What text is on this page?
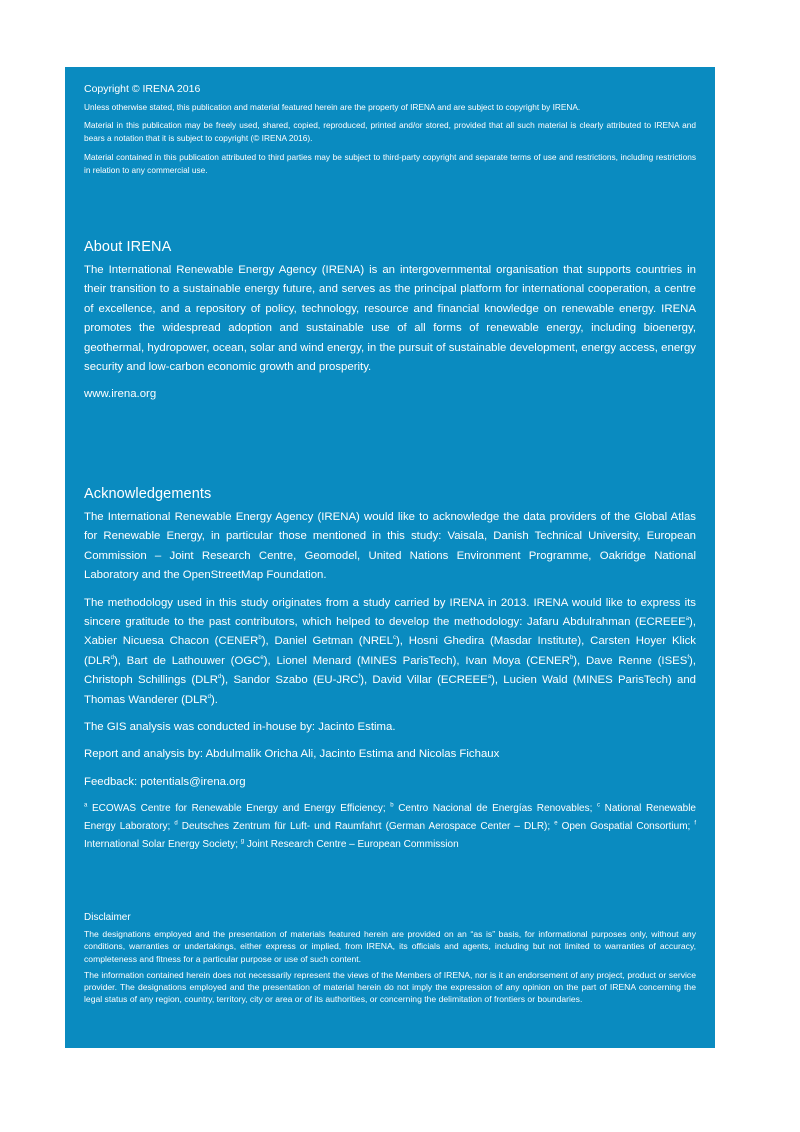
Copyright © IRENA 2016

Unless otherwise stated, this publication and material featured herein are the property of IRENA and are subject to copyright by IRENA.

Material in this publication may be freely used, shared, copied, reproduced, printed and/or stored, provided that all such material is clearly attributed to IRENA and bears a notation that it is subject to copyright (© IRENA 2016).

Material contained in this publication attributed to third parties may be subject to third-party copyright and separate terms of use and restrictions, including restrictions in relation to any commercial use.

About IRENA

The International Renewable Energy Agency (IRENA) is an intergovernmental organisation that supports countries in their transition to a sustainable energy future, and serves as the principal platform for international cooperation, a centre of excellence, and a repository of policy, technology, resource and financial knowledge on renewable energy. IRENA promotes the widespread adoption and sustainable use of all forms of renewable energy, including bioenergy, geothermal, hydropower, ocean, solar and wind energy, in the pursuit of sustainable development, energy access, energy security and low-carbon economic growth and prosperity.

www.irena.org

Acknowledgements

The International Renewable Energy Agency (IRENA) would like to acknowledge the data providers of the Global Atlas for Renewable Energy, in particular those mentioned in this study: Vaisala, Danish Technical University, European Commission – Joint Research Centre, Geomodel, United Nations Environment Programme, Oakridge National Laboratory and the OpenStreetMap Foundation.

The methodology used in this study originates from a study carried by IRENA in 2013. IRENA would like to express its sincere gratitude to the past contributors, which helped to develop the methodology: Jafaru Abdulrahman (ECREEE$^a$), Xabier Nicuesa Chacon (CENER$^b$), Daniel Getman (NREL$^c$), Hosni Ghedira (Masdar Institute), Carsten Hoyer Klick (DLR$^d$), Bart de Lathouwer (OGC$^e$), Lionel Menard (MINES ParisTech), Ivan Moya (CENER$^b$), Dave Renne (ISES$^f$), Christoph Schillings (DLR$^d$), Sandor Szabo (EU-JRC$^f$), David Villar (ECREEE$^a$), Lucien Wald (MINES ParisTech) and Thomas Wanderer (DLR$^d$).

The GIS analysis was conducted in-house by: Jacinto Estima.

Report and analysis by: Abdulmalik Oricha Ali, Jacinto Estima and Nicolas Fichaux

Feedback: potentials@irena.org

$^a$ ECOWAS Centre for Renewable Energy and Energy Efficiency; $^b$ Centro Nacional de Energías Renovables; $^c$ National Renewable Energy Laboratory; $^d$ Deutsches Zentrum für Luft- und Raumfahrt (German Aerospace Center – DLR); $^e$ Open Gospatial Consortium; $^f$ International Solar Energy Society; $^g$ Joint Research Centre – European Commission

Disclaimer

The designations employed and the presentation of materials featured herein are provided on an “as is” basis, for informational purposes only, without any conditions, warranties or undertakings, either express or implied, from IRENA, its officials and agents, including but not limited to warranties of accuracy, completeness and fitness for a particular purpose or use of such content.

The information contained herein does not necessarily represent the views of the Members of IRENA, nor is it an endorsement of any project, product or service provider. The designations employed and the presentation of material herein do not imply the expression of any opinion on the part of IRENA concerning the legal status of any region, country, territory, city or area or of its authorities, or concerning the delimitation of frontiers or boundaries.
